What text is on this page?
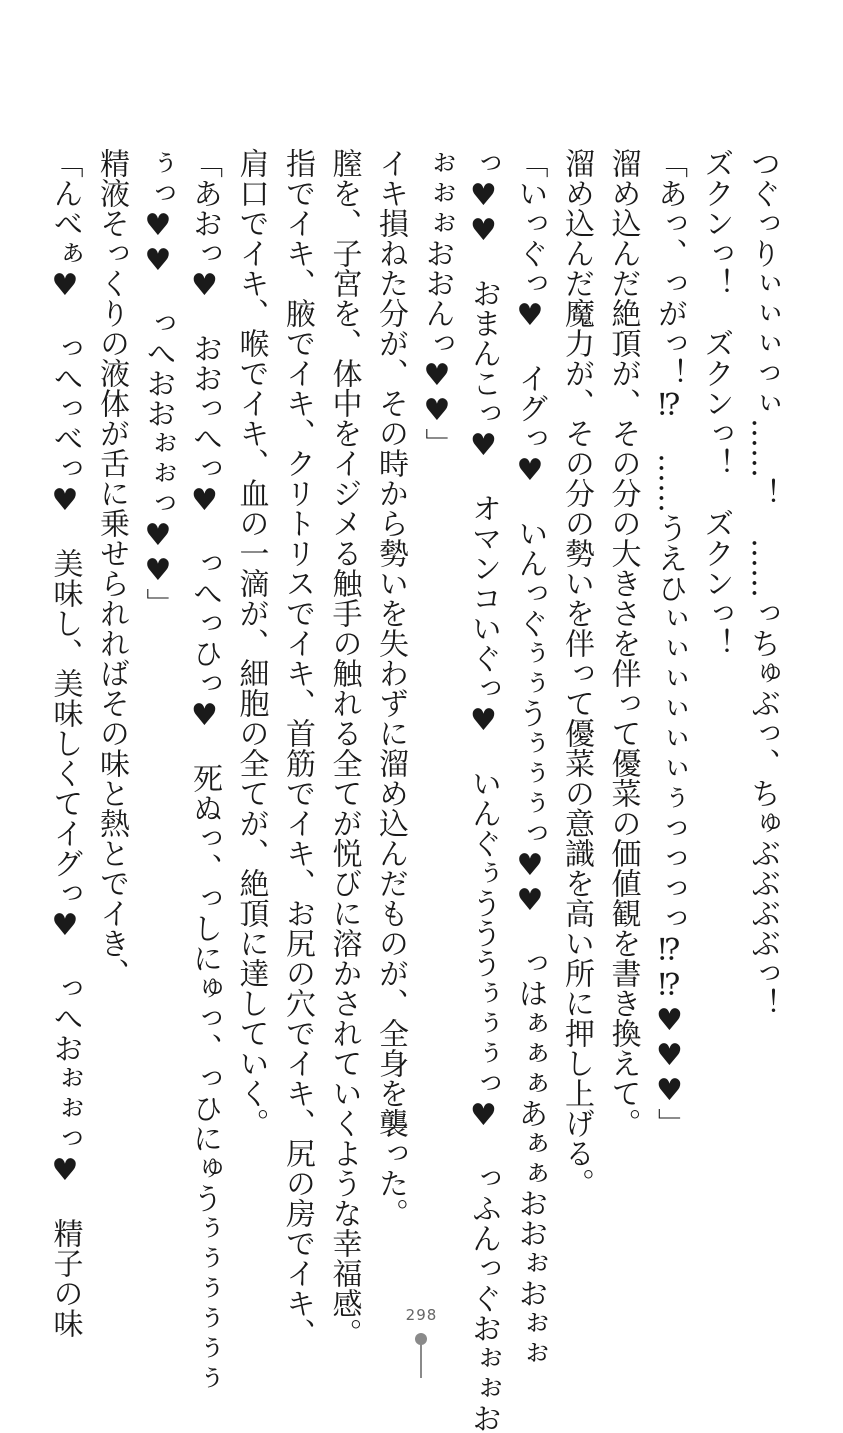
つぐっりぃぃぃっぃ……！　……っちゅぶっ、ちゅぶぶぶぶっ！

ズクンっ！　ズクンっ！　ズクンっ！

「あっ、っがっ！⁉　……うえひぃぃぃぃぃぃぅっっっっ⁉⁉♥♥♥」

溜め込んだ絶頂が、その分の大きさを伴って優菜の価値観を書き換えて。

溜め込んだ魔力が、その分の勢いを伴って優菜の意識を高い所に押し上げる。

「いっぐっ♥　イグっ♥　いんっぐぅぅうぅぅぅっ♥♥　っはぁぁぁあぁぁおおぉおぉぉ

っ♥♥　おまんこっ♥　オマンコいぐっ♥　いんぐぅうううぅぅぅっ♥　っふんっぐおぉぉお

ぉぉぉおおんっ♥♥」

イキ損ねた分が、その時から勢いを失わずに溜め込んだものが、全身を襲った。

膣を、子宮を、体中をイジメる触手の触れる全てが悦びに溶かされていくような幸福感。

指でイキ、腋でイキ、クリトリスでイキ、首筋でイキ、お尻の穴でイキ、尻の房でイキ、

肩口でイキ、喉でイキ、血の一滴が、細胞の全てが、絶頂に達していく。

「あおっ♥　おおっへっ♥　っへっひっ♥　死ぬっ、っしにゅっ、っひにゅうぅぅぅぅぅぅ

ぅっ♥♥　っへおおぉぉっ♥♥」

精液そっくりの液体が舌に乗せられればその味と熱とでイき、

「んべぁ♥　っへっべっ♥　美味し、美味しくてイグっ♥　っへおぉぉっ♥　精子の味	298
